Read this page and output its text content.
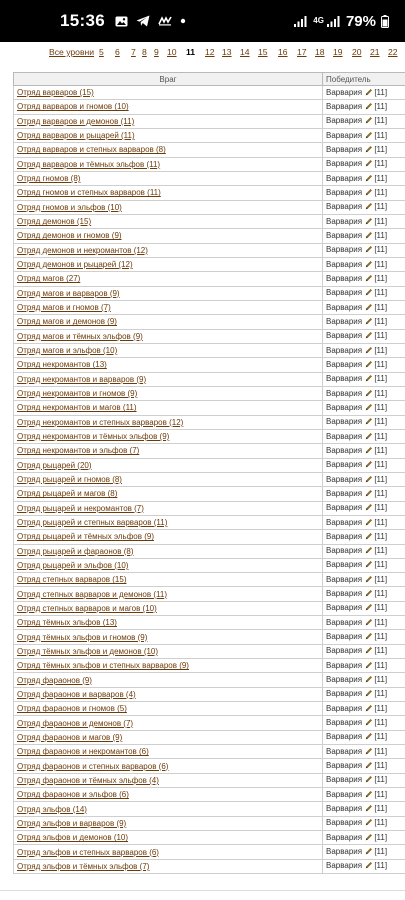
15:36	4G 79%
Все уровни 5 6 7 8 9 10 11 12 13 14 15 16 17 18 19 20 21 22
Враг	Победитель
Отряд варваров (15)	Варвария [11]
Отряд варваров и гномов (10)	Варвария [11]
Отряд варваров и демонов (11)	Варвария [11]
Отряд варваров и рыцарей (11)	Варвария [11]
Отряд варваров и степных варваров (8)	Варвария [11]
Отряд варваров и тёмных эльфов (11)	Варвария [11]
Отряд гномов (8)	Варвария [11]
Отряд гномов и степных варваров (11)	Варвария [11]
Отряд гномов и эльфов (10)	Варвария [11]
Отряд демонов (15)	Варвария [11]
Отряд демонов и гномов (9)	Варвария [11]
Отряд демонов и некромантов (12)	Варвария [11]
Отряд демонов и рыцарей (12)	Варвария [11]
Отряд магов (27)	Варвария [11]
Отряд магов и варваров (9)	Варвария [11]
Отряд магов и гномов (7)	Варвария [11]
Отряд магов и демонов (9)	Варвария [11]
Отряд магов и тёмных эльфов (9)	Варвария [11]
Отряд магов и эльфов (10)	Варвария [11]
Отряд некромантов (13)	Варвария [11]
Отряд некромантов и варваров (9)	Варвария [11]
Отряд некромантов и гномов (9)	Варвария [11]
Отряд некромантов и магов (11)	Варвария [11]
Отряд некромантов и степных варваров (12)	Варвария [11]
Отряд некромантов и тёмных эльфов (9)	Варвария [11]
Отряд некромантов и эльфов (7)	Варвария [11]
Отряд рыцарей (20)	Варвария [11]
Отряд рыцарей и гномов (8)	Варвария [11]
Отряд рыцарей и магов (8)	Варвария [11]
Отряд рыцарей и некромантов (7)	Варвария [11]
Отряд рыцарей и степных варваров (11)	Варвария [11]
Отряд рыцарей и тёмных эльфов (9)	Варвария [11]
Отряд рыцарей и фараонов (8)	Варвария [11]
Отряд рыцарей и эльфов (10)	Варвария [11]
Отряд степных варваров (15)	Варвария [11]
Отряд степных варваров и демонов (11)	Варвария [11]
Отряд степных варваров и магов (10)	Варвария [11]
Отряд тёмных эльфов (13)	Варвария [11]
Отряд тёмных эльфов и гномов (9)	Варвария [11]
Отряд тёмных эльфов и демонов (10)	Варвария [11]
Отряд тёмных эльфов и степных варваров (9)	Варвария [11]
Отряд фараонов (9)	Варвария [11]
Отряд фараонов и варваров (4)	Варвария [11]
Отряд фараонов и гномов (5)	Варвария [11]
Отряд фараонов и демонов (7)	Варвария [11]
Отряд фараонов и магов (9)	Варвария [11]
Отряд фараонов и некромантов (6)	Варвария [11]
Отряд фараонов и степных варваров (6)	Варвария [11]
Отряд фараонов и тёмных эльфов (4)	Варвария [11]
Отряд фараонов и эльфов (6)	Варвария [11]
Отряд эльфов (14)	Варвария [11]
Отряд эльфов и варваров (9)	Варвария [11]
Отряд эльфов и демонов (10)	Варвария [11]
Отряд эльфов и степных варваров (6)	Варвария [11]
Отряд эльфов и тёмных эльфов (7)	Варвария [11]
